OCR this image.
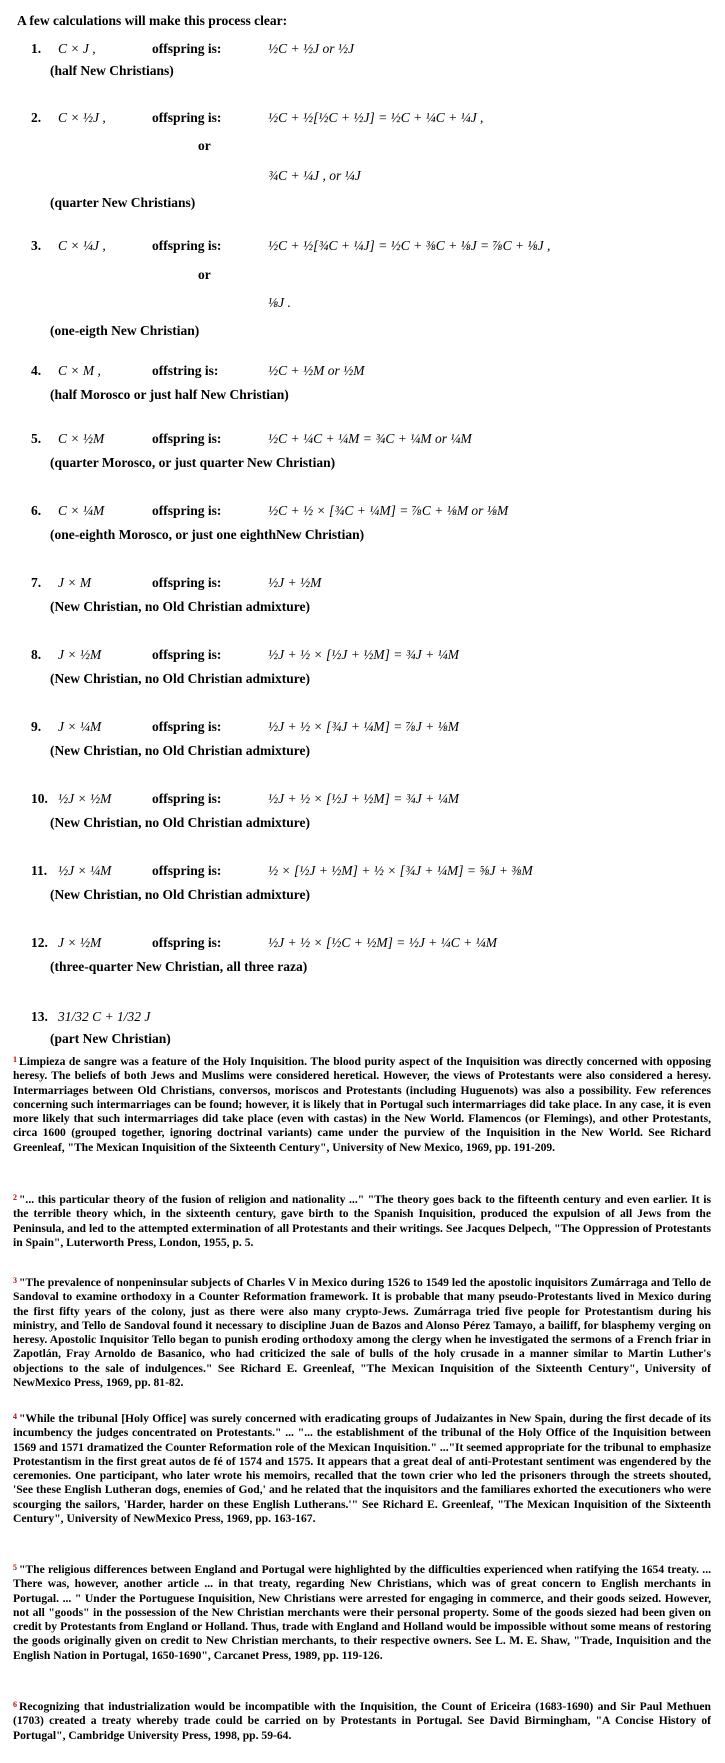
A few calculations will make this process clear:
1. C × J ,	offspring is:	½C + ½J or ½J
(half New Christians)
2. C × ½J ,	offspring is:	½C + ½[½C + ½J] = ½C + ¼C + ¼J ,
or
¾C + ¼J , or ¼J
(quarter New Christians)
3. C × ¼J ,	offspring is:	½C + ½[¾C + ¼J] = ½C + ⅜C + ⅛J = ⅞C + ⅛J ,
or
⅛J .
(one-eigth New Christian)
4. C × M ,	offstring is:	½C + ½M or ½M
(half Morosco or just half New Christian)
5. C × ½M	offspring is:	½C + ¼C + ¼M = ¾C + ¼M or ¼M
(quarter Morosco, or just quarter New Christian)
6. C × ¼M	offspring is:	½C + ½ × [¾C + ¼M] = ⅞C + ⅛M or ⅛M
(one-eighth Morosco, or just one eighthNew Christian)
7. J × M	offspring is:	½J + ½M
(New Christian, no Old Christian admixture)
8. J × ½M	offspring is:	½J + ½ × [½J + ½M] = ¾J + ¼M
(New Christian, no Old Christian admixture)
9. J × ¼M	offspring is:	½J + ½ × [¾J + ¼M] = ⅞J + ⅛M
(New Christian, no Old Christian admixture)
10. ½J × ½M	offspring is:	½J + ½ × [½J + ½M] = ¾J + ¼M
(New Christian, no Old Christian admixture)
11. ½J × ¼M	offspring is:	½ × [½J + ½M] + ½ × [¾J + ¼M] = ⅝J + ⅜M
(New Christian, no Old Christian admixture)
12. J × ½M	offspring is:	½J + ½ × [½C + ½M] = ½J + ¼C + ¼M
(three-quarter New Christian, all three raza)
13. 31/32 C + 1/32 J
(part New Christian)
$^1$ Limpieza de sangre was a feature of the Holy Inquisition. The blood purity aspect of the Inquisition was directly concerned with opposing heresy. The beliefs of both Jews and Muslims were considered heretical. However, the views of Protestants were also considered a heresy. Intermarriages between Old Christians, conversos, moriscos and Protestants (including Huguenots) was also a possibility. Few references concerning such intermarriages can be found; however, it is likely that in Portugal such intermarriages did take place. In any case, it is even more likely that such intermarriages did take place (even with castas) in the New World. Flamencos (or Flemings), and other Protestants, circa 1600 (grouped together, ignoring doctrinal variants) came under the purview of the Inquisition in the New World. See Richard Greenleaf, "The Mexican Inquisition of the Sixteenth Century", University of New Mexico, 1969, pp. 191-209.
$^2$ "... this particular theory of the fusion of religion and nationality ..." "The theory goes back to the fifteenth century and even earlier. It is the terrible theory which, in the sixteenth century, gave birth to the Spanish Inquisition, produced the expulsion of all Jews from the Peninsula, and led to the attempted extermination of all Protestants and their writings. See Jacques Delpech, "The Oppression of Protestants in Spain", Luterworth Press, London, 1955, p. 5.
$^3$ "The prevalence of nonpeninsular subjects of Charles V in Mexico during 1526 to 1549 led the apostolic inquisitors Zumárraga and Tello de Sandoval to examine orthodoxy in a Counter Reformation framework. It is probable that many pseudo-Protestants lived in Mexico during the first fifty years of the colony, just as there were also many crypto-Jews. Zumárraga tried five people for Protestantism during his ministry, and Tello de Sandoval found it necessary to discipline Juan de Bazos and Alonso Pérez Tamayo, a bailiff, for blasphemy verging on heresy. Apostolic Inquisitor Tello began to punish eroding orthodoxy among the clergy when he investigated the sermons of a French friar in Zapotlán, Fray Arnoldo de Basanico, who had criticized the sale of bulls of the holy crusade in a manner similar to Martin Luther's objections to the sale of indulgences." See Richard E. Greenleaf, "The Mexican Inquisition of the Sixteenth Century", University of NewMexico Press, 1969, pp. 81-82.
$^4$ "While the tribunal [Holy Office] was surely concerned with eradicating groups of Judaizantes in New Spain, during the first decade of its incumbency the judges concentrated on Protestants." ... "... the establishment of the tribunal of the Holy Office of the Inquisition between 1569 and 1571 dramatized the Counter Reformation role of the Mexican Inquisition." ..."It seemed appropriate for the tribunal to emphasize Protestantism in the first great autos de fé of 1574 and 1575. It appears that a great deal of anti-Protestant sentiment was engendered by the ceremonies. One participant, who later wrote his memoirs, recalled that the town crier who led the prisoners through the streets shouted, 'See these English Lutheran dogs, enemies of God,' and he related that the inquisitors and the familiares exhorted the executioners who were scourging the sailors, 'Harder, harder on these English Lutherans.'" See Richard E. Greenleaf, "The Mexican Inquisition of the Sixteenth Century", University of NewMexico Press, 1969, pp. 163-167.
$^5$ "The religious differences between England and Portugal were highlighted by the difficulties experienced when ratifying the 1654 treaty. ... There was, however, another article ... in that treaty, regarding New Christians, which was of great concern to English merchants in Portugal. ... " Under the Portuguese Inquisition, New Christians were arrested for engaging in commerce, and their goods seized. However, not all "goods" in the possession of the New Christian merchants were their personal property. Some of the goods siezed had been given on credit by Protestants from England or Holland. Thus, trade with England and Holland would be impossible without some means of restoring the goods originally given on credit to New Christian merchants, to their respective owners. See L. M. E. Shaw, "Trade, Inquisition and the English Nation in Portugal, 1650-1690", Carcanet Press, 1989, pp. 119-126.
$^6$ Recognizing that industrialization would be incompatible with the Inquisition, the Count of Ericeira (1683-1690) and Sir Paul Methuen (1703) created a treaty whereby trade could be carried on by Protestants in Portugal. See David Birmingham, "A Concise History of Portugal", Cambridge University Press, 1998, pp. 59-64.
